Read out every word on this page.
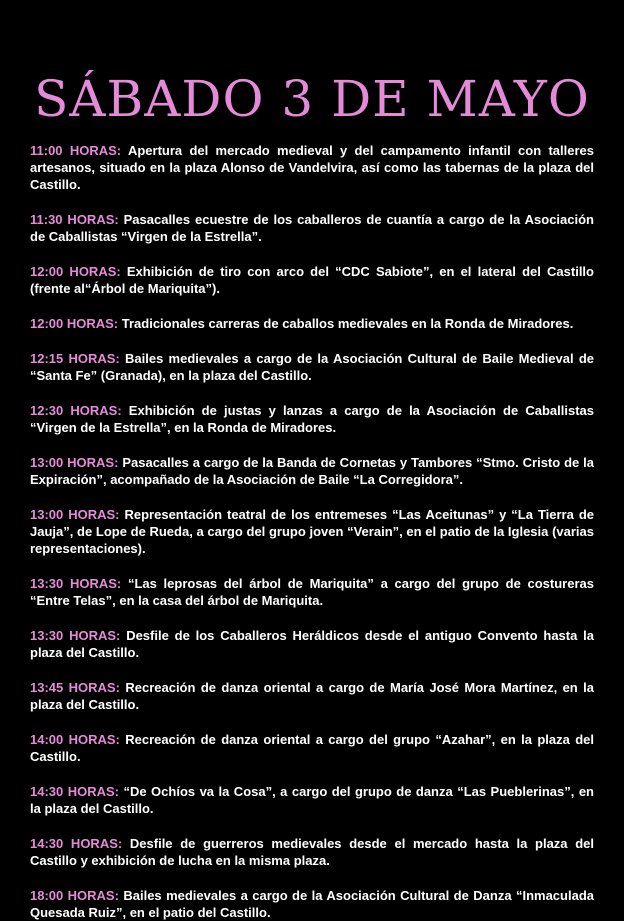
SÁBADO 3 DE MAYO

11:00 HORAS: Apertura del mercado medieval y del campamento infantil con talleres artesanos, situado en la plaza Alonso de Vandelvira, así como las tabernas de la plaza del Castillo.

11:30 HORAS: Pasacalles ecuestre de los caballeros de cuantía a cargo de la Asociación de Caballistas “Virgen de la Estrella”.

12:00 HORAS: Exhibición de tiro con arco del “CDC Sabiote”, en el lateral del Castillo (frente al“Árbol de Mariquita”).

12:00 HORAS: Tradicionales carreras de caballos medievales en la Ronda de Miradores.

12:15 HORAS: Bailes medievales a cargo de la Asociación Cultural de Baile Medieval de “Santa Fe” (Granada), en la plaza del Castillo.

12:30 HORAS: Exhibición de justas y lanzas a cargo de la Asociación de Caballistas “Virgen de la Estrella”, en la Ronda de Miradores.

13:00 HORAS: Pasacalles a cargo de la Banda de Cornetas y Tambores “Stmo. Cristo de la Expiración”, acompañado de la Asociación de Baile “La Corregidora”.

13:00 HORAS: Representación teatral de los entremeses “Las Aceitunas” y “La Tierra de Jauja”, de Lope de Rueda, a cargo del grupo joven “Verain”, en el patio de la Iglesia (varias representaciones).

13:30 HORAS: “Las leprosas del árbol de Mariquita” a cargo del grupo de costureras “Entre Telas”, en la casa del árbol de Mariquita.

13:30 HORAS: Desfile de los Caballeros Heráldicos desde el antiguo Convento hasta la plaza del Castillo.

13:45 HORAS: Recreación de danza oriental a cargo de María José Mora Martínez, en la plaza del Castillo.

14:00 HORAS: Recreación de danza oriental a cargo del grupo “Azahar”, en la plaza del Castillo.

14:30 HORAS: “De Ochíos va la Cosa”, a cargo del grupo de danza “Las Pueblerinas”, en la plaza del Castillo.

14:30 HORAS: Desfile de guerreros medievales desde el mercado hasta la plaza del Castillo y exhibición de lucha en la misma plaza.

18:00 HORAS: Bailes medievales a cargo de la Asociación Cultural de Danza “Inmaculada Quesada Ruiz”, en el patio del Castillo.
